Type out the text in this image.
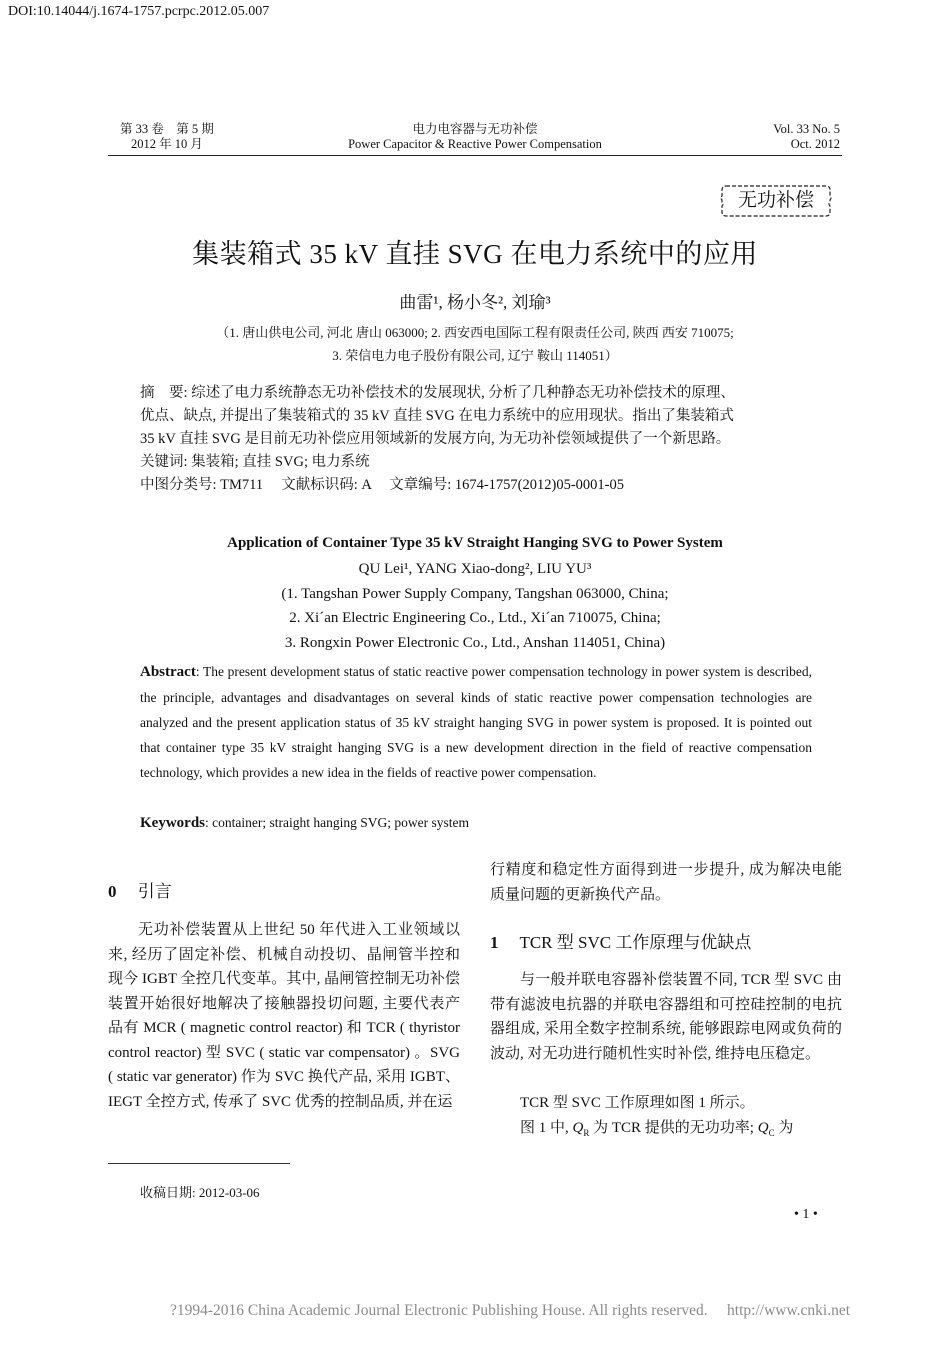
DOI:10.14044/j.1674-1757.pcrpc.2012.05.007
第 33 卷　第 5 期
2012 年 10 月
电力电容器与无功补偿
Power Capacitor & Reactive Power Compensation
Vol. 33 No. 5
Oct. 2012
无功补偿
集装箱式 35 kV 直挂 SVG 在电力系统中的应用
曲雷¹, 杨小冬², 刘瑜³
（1. 唐山供电公司, 河北 唐山 063000; 2. 西安西电国际工程有限责任公司, 陕西 西安 710075;
3. 荣信电力电子股份有限公司, 辽宁 鞍山 114051）
摘　要: 综述了电力系统静态无功补偿技术的发展现状, 分析了几种静态无功补偿技术的原理、
优点、缺点, 并提出了集装箱式的 35 kV 直挂 SVG 在电力系统中的应用现状。指出了集装箱式
35 kV 直挂 SVG 是目前无功补偿应用领域新的发展方向, 为无功补偿领域提供了一个新思路。
关键词: 集装箱; 直挂 SVG; 电力系统
中图分类号: TM711　 文献标识码: A　 文章编号: 1674-1757(2012)05-0001-05
Application of Container Type 35 kV Straight Hanging SVG to Power System
QU Lei¹, YANG Xiao-dong², LIU YU³
(1. Tangshan Power Supply Company, Tangshan 063000, China;
2. Xi´an Electric Engineering Co., Ltd., Xi´an 710075, China;
3. Rongxin Power Electronic Co., Ltd., Anshan 114051, China)
Abstract: The present development status of static reactive power compensation technology in power system is described, the principle, advantages and disadvantages on several kinds of static reactive power compensation technologies are analyzed and the present application status of 35 kV straight hanging SVG in power system is proposed. It is pointed out that container type 35 kV straight hanging SVG is a new development direction in the field of reactive compensation technology, which provides a new idea in the fields of reactive power compensation.
Keywords: container; straight hanging SVG; power system
0　 引言
无功补偿装置从上世纪 50 年代进入工业领域以来, 经历了固定补偿、机械自动投切、晶闸管半控和现今 IGBT 全控几代变革。其中, 晶闸管控制无功补偿装置开始很好地解决了接触器投切问题, 主要代表产品有 MCR ( magnetic control reactor) 和 TCR ( thyristor control reactor) 型 SVC ( static var compensator) 。SVG ( static var generator) 作为 SVC 换代产品, 采用 IGBT、IEGT 全控方式, 传承了 SVC 优秀的控制品质, 并在运
行精度和稳定性方面得到进一步提升, 成为解决电能质量问题的更新换代产品。
1　 TCR 型 SVC 工作原理与优缺点
与一般并联电容器补偿装置不同, TCR 型 SVC 由带有滤波电抗器的并联电容器组和可控硅控制的电抗器组成, 采用全数字控制系统, 能够跟踪电网或负荷的波动, 对无功进行随机性实时补偿, 维持电压稳定。
TCR 型 SVC 工作原理如图 1 所示。
图 1 中, $Q_R$ 为 TCR 提供的无功功率; $Q_C$ 为
收稿日期: 2012-03-06
• 1 •
?1994-2016 China Academic Journal Electronic Publishing House. All rights reserved.　 http://www.cnki.net
